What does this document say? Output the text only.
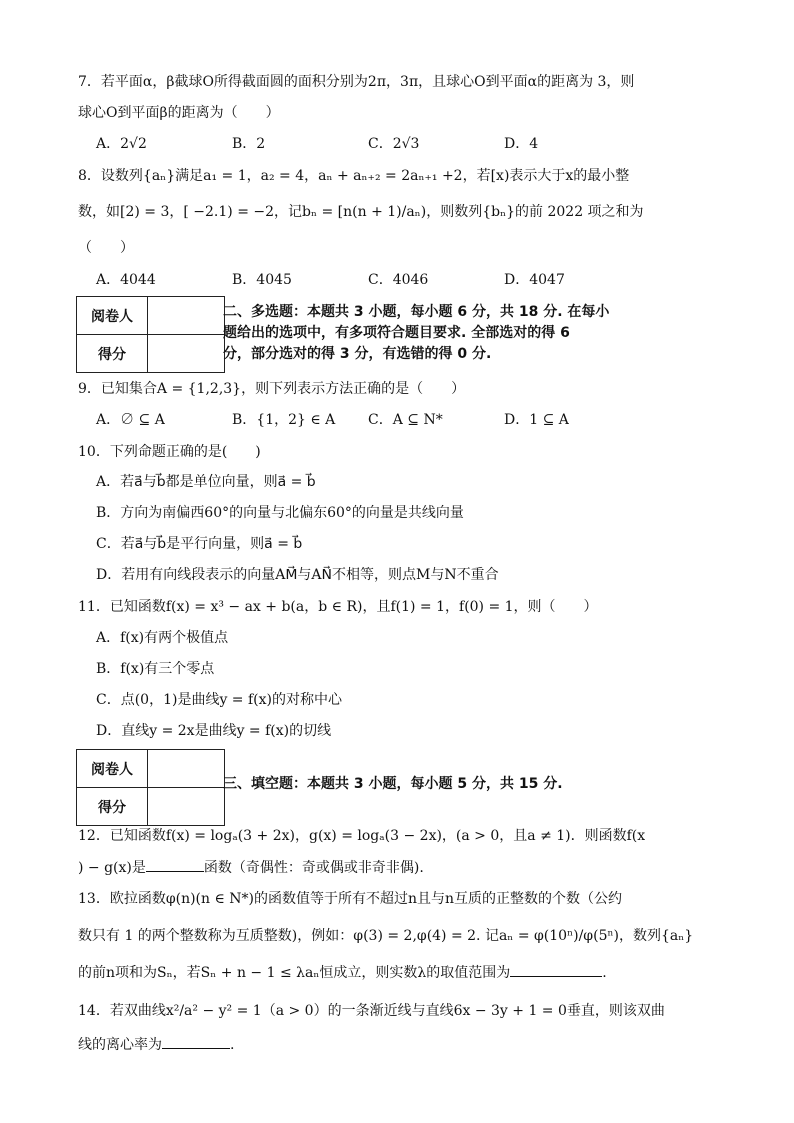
7．若平面α，β截球O所得截面圆的面积分别为2π，3π，且球心O到平面α的距离为 3，则
球心O到平面β的距离为（　　）
A．2√2	B．2	C．2√3	D．4
8．设数列{aₙ}满足a₁ = 1，a₂ = 4，aₙ + aₙ₊₂ = 2aₙ₊₁ +2，若[x)表示大于x的最小整
数，如[2) = 3，[ −2.1) = −2，记bₙ = [n(n + 1)/aₙ)，则数列{bₙ}的前 2022 项之和为
（　　）
A．4044	B．4045	C．4046	D．4047
阅卷人	
得分	
二、多选题：本题共 3 小题，每小题 6 分，共 18 分. 在每小
题给出的选项中，有多项符合题目要求. 全部选对的得 6
分，部分选对的得 3 分，有选错的得 0 分.
9．已知集合A = {1,2,3}，则下列表示方法正确的是（　　）
A．∅ ⊆ A	B．{1，2} ∈ A C．A ⊆ N*	D．1 ⊆ A
10．下列命题正确的是(　　)
A．若a⃗与b⃗都是单位向量，则a⃗ = b⃗
B．方向为南偏西60°的向量与北偏东60°的向量是共线向量
C．若a⃗与b⃗是平行向量，则a⃗ = b⃗
D．若用有向线段表示的向量AM⃗与AN⃗不相等，则点M与N不重合
11．已知函数f(x) = x³ − ax + b(a，b ∈ R)，且f(1) = 1，f(0) = 1，则（　　）
A．f(x)有两个极值点
B．f(x)有三个零点
C．点(0，1)是曲线y = f(x)的对称中心
D．直线y = 2x是曲线y = f(x)的切线
阅卷人	
得分	
三、填空题：本题共 3 小题，每小题 5 分，共 15 分.
12．已知函数f(x) = logₐ(3 + 2x)，g(x) = logₐ(3 − 2x)，(a > 0，且a ≠ 1)．则函数f(x
) − g(x)是	函数（奇偶性：奇或偶或非奇非偶).
13．欧拉函数φ(n)(n ∈ N*)的函数值等于所有不超过n且与n互质的正整数的个数（公约
数只有 1 的两个整数称为互质整数)，例如：φ(3) = 2,φ(4) = 2. 记aₙ = φ(10ⁿ)/φ(5ⁿ)，数列{aₙ}
的前n项和为Sₙ，若Sₙ + n − 1 ≤ λaₙ恒成立，则实数λ的取值范围为	.
14．若双曲线x²/a² − y² = 1（a > 0）的一条渐近线与直线6x − 3y + 1 = 0垂直，则该双曲
线的离心率为	.
